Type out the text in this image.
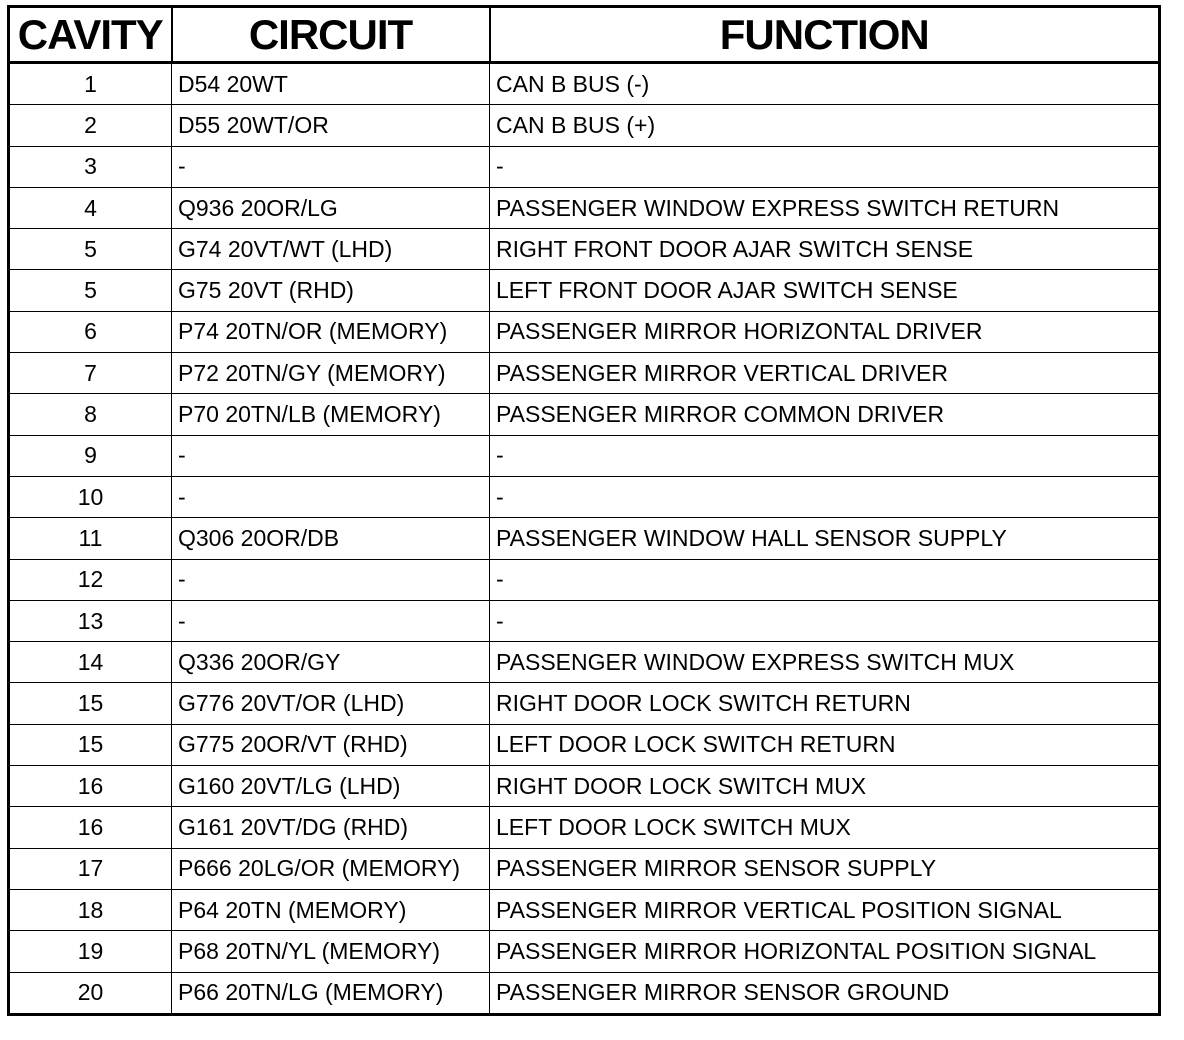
CAVITY	CIRCUIT	FUNCTION
1	D54 20WT	CAN B BUS (-)
2	D55 20WT/OR	CAN B BUS (+)
3	-	-
4	Q936 20OR/LG	PASSENGER WINDOW EXPRESS SWITCH RETURN
5	G74 20VT/WT (LHD)	RIGHT FRONT DOOR AJAR SWITCH SENSE
5	G75 20VT (RHD)	LEFT FRONT DOOR AJAR SWITCH SENSE
6	P74 20TN/OR (MEMORY)	PASSENGER MIRROR HORIZONTAL DRIVER
7	P72 20TN/GY (MEMORY)	PASSENGER MIRROR VERTICAL DRIVER
8	P70 20TN/LB (MEMORY)	PASSENGER MIRROR COMMON DRIVER
9	-	-
10	-	-
11	Q306 20OR/DB	PASSENGER WINDOW HALL SENSOR SUPPLY
12	-	-
13	-	-
14	Q336 20OR/GY	PASSENGER WINDOW EXPRESS SWITCH MUX
15	G776 20VT/OR (LHD)	RIGHT DOOR LOCK SWITCH RETURN
15	G775 20OR/VT (RHD)	LEFT DOOR LOCK SWITCH RETURN
16	G160 20VT/LG (LHD)	RIGHT DOOR LOCK SWITCH MUX
16	G161 20VT/DG (RHD)	LEFT DOOR LOCK SWITCH MUX
17	P666 20LG/OR (MEMORY)	PASSENGER MIRROR SENSOR SUPPLY
18	P64 20TN (MEMORY)	PASSENGER MIRROR VERTICAL POSITION SIGNAL
19	P68 20TN/YL (MEMORY)	PASSENGER MIRROR HORIZONTAL POSITION SIGNAL
20	P66 20TN/LG (MEMORY)	PASSENGER MIRROR SENSOR GROUND
